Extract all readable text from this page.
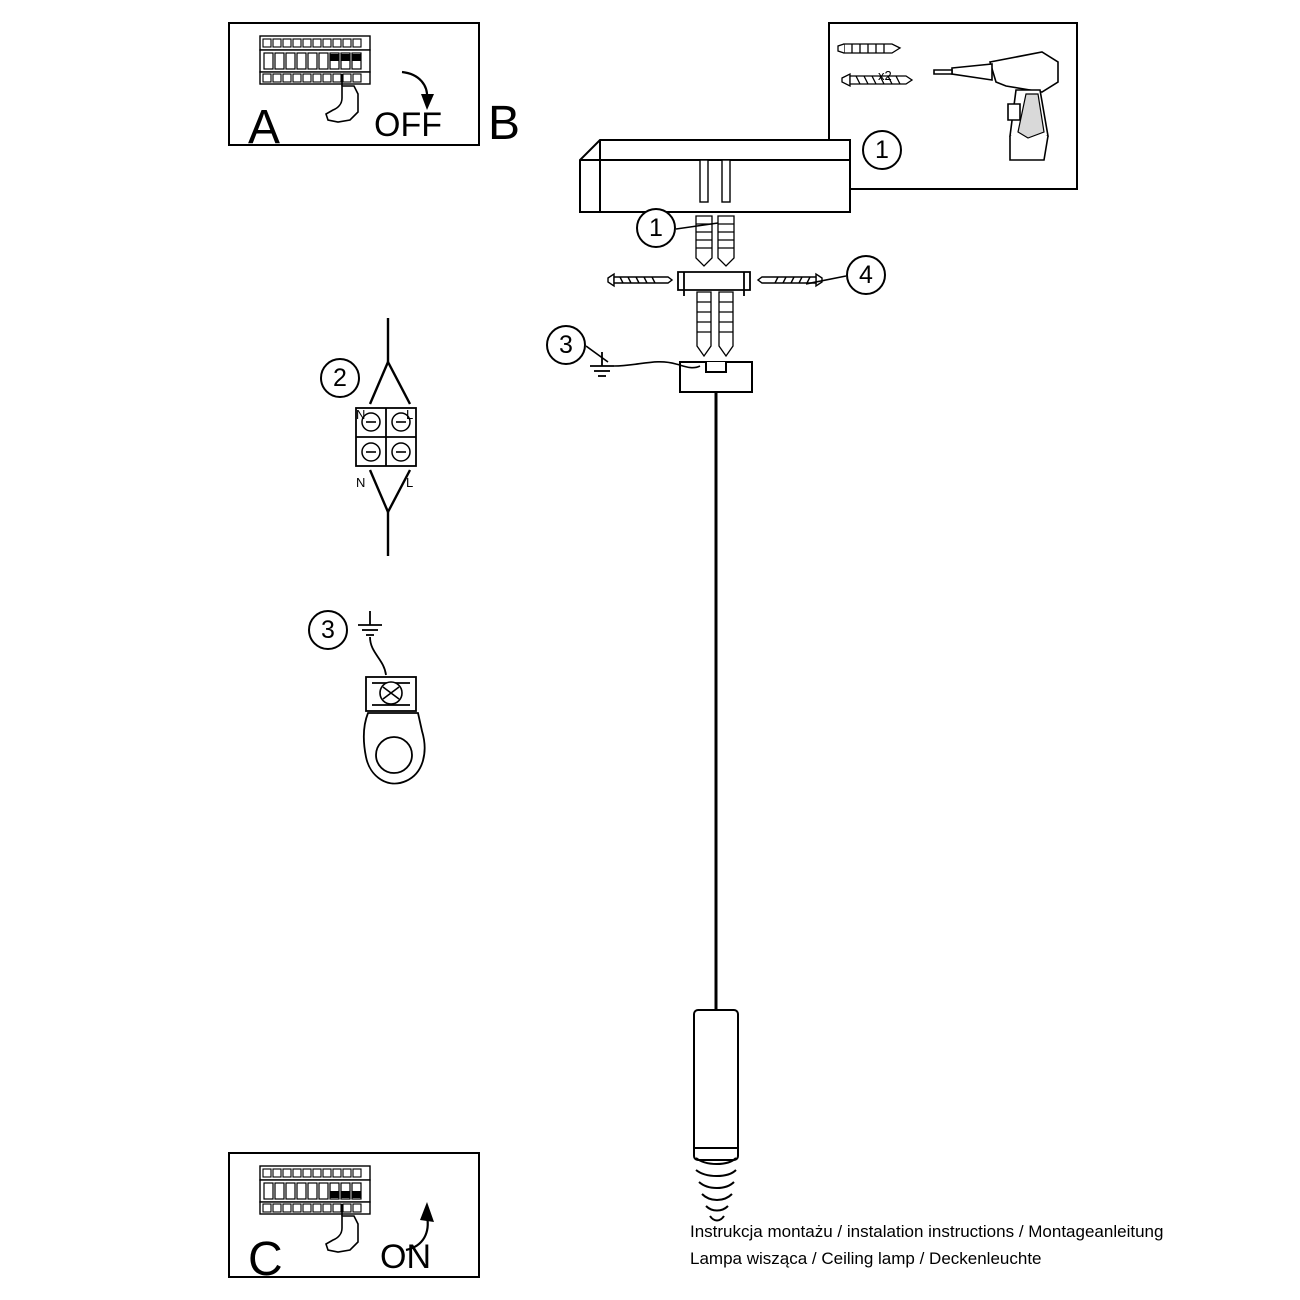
A	OFF B
x2
1
1
4
3
2
N	L
N	L
3
C	ON
Instrukcja montażu / instalation instructions / Montageanleitung
Lampa wisząca / Ceiling lamp / Deckenleuchte
